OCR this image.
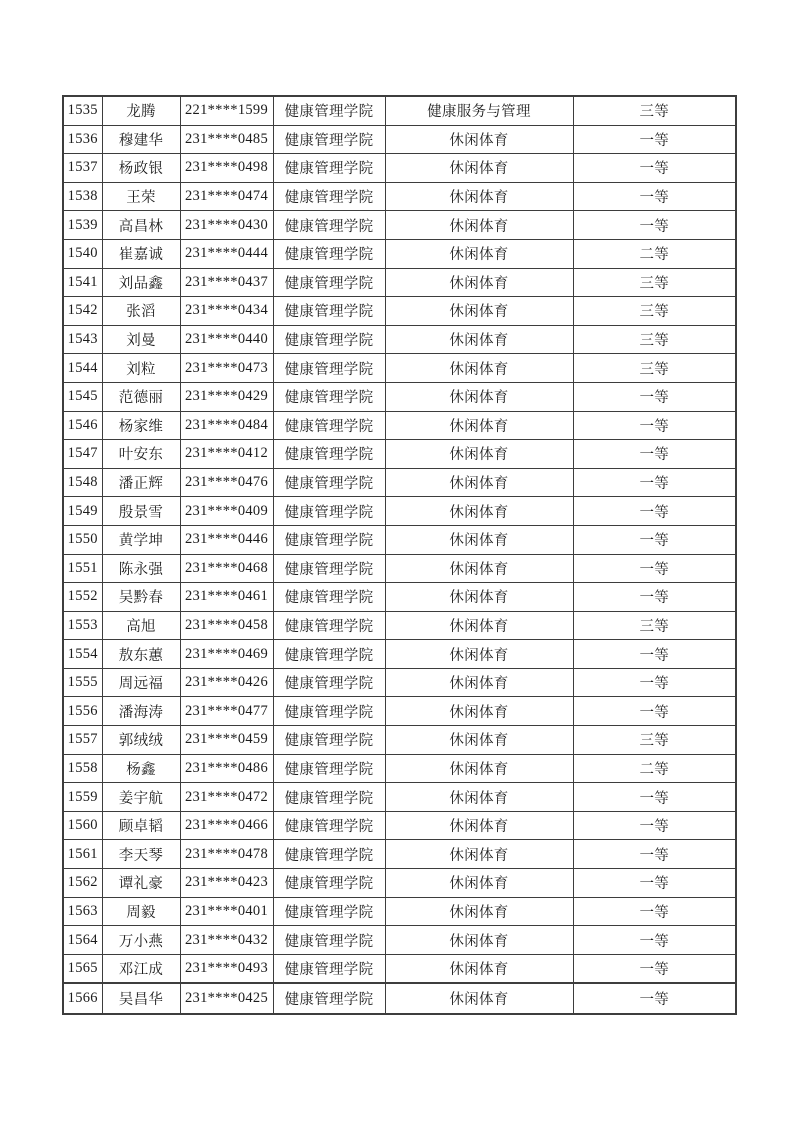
1535	龙腾	221****1599	健康管理学院	健康服务与管理	三等
1536	穆建华	231****0485	健康管理学院	休闲体育	一等
1537	杨政银	231****0498	健康管理学院	休闲体育	一等
1538	王荣	231****0474	健康管理学院	休闲体育	一等
1539	高昌林	231****0430	健康管理学院	休闲体育	一等
1540	崔嘉诚	231****0444	健康管理学院	休闲体育	二等
1541	刘品鑫	231****0437	健康管理学院	休闲体育	三等
1542	张滔	231****0434	健康管理学院	休闲体育	三等
1543	刘曼	231****0440	健康管理学院	休闲体育	三等
1544	刘粒	231****0473	健康管理学院	休闲体育	三等
1545	范德丽	231****0429	健康管理学院	休闲体育	一等
1546	杨家维	231****0484	健康管理学院	休闲体育	一等
1547	叶安东	231****0412	健康管理学院	休闲体育	一等
1548	潘正辉	231****0476	健康管理学院	休闲体育	一等
1549	殷景雪	231****0409	健康管理学院	休闲体育	一等
1550	黄学坤	231****0446	健康管理学院	休闲体育	一等
1551	陈永强	231****0468	健康管理学院	休闲体育	一等
1552	吴黔春	231****0461	健康管理学院	休闲体育	一等
1553	高旭	231****0458	健康管理学院	休闲体育	三等
1554	敖东蕙	231****0469	健康管理学院	休闲体育	一等
1555	周远福	231****0426	健康管理学院	休闲体育	一等
1556	潘海涛	231****0477	健康管理学院	休闲体育	一等
1557	郭绒绒	231****0459	健康管理学院	休闲体育	三等
1558	杨鑫	231****0486	健康管理学院	休闲体育	二等
1559	姜宇航	231****0472	健康管理学院	休闲体育	一等
1560	顾卓韬	231****0466	健康管理学院	休闲体育	一等
1561	李天琴	231****0478	健康管理学院	休闲体育	一等
1562	谭礼豪	231****0423	健康管理学院	休闲体育	一等
1563	周毅	231****0401	健康管理学院	休闲体育	一等
1564	万小燕	231****0432	健康管理学院	休闲体育	一等
1565	邓江成	231****0493	健康管理学院	休闲体育	一等
1566	吴昌华	231****0425	健康管理学院	休闲体育	一等
